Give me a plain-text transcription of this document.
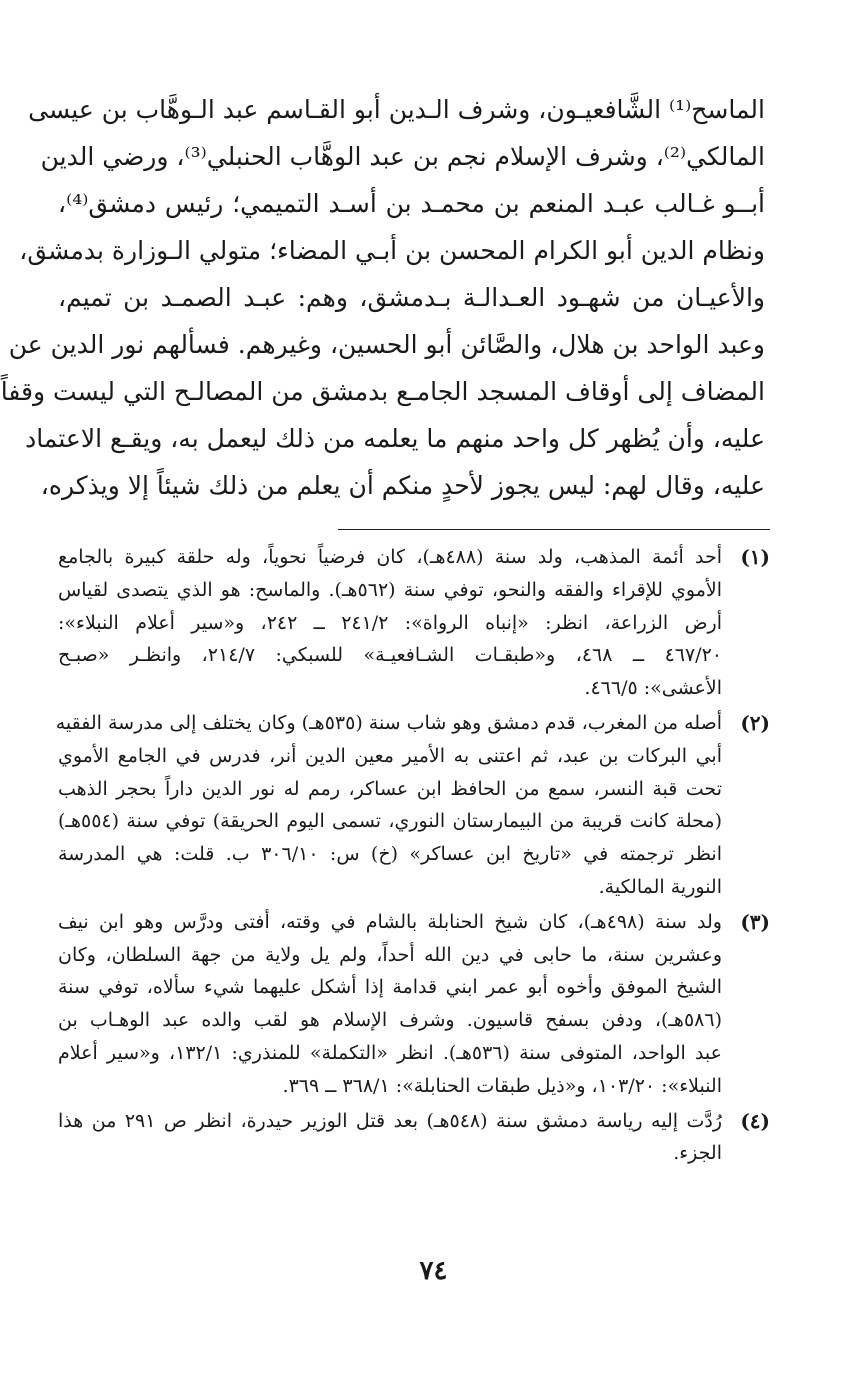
الماسح⁽¹⁾ الشَّافعيـون، وشرف الـدين أبو القـاسم عبد الـوهَّاب بن عيسى
المالكي⁽²⁾، وشرف الإسلام نجم بن عبد الوهَّاب الحنبلي⁽³⁾، ورضي الدين
أبــو غـالب عبـد المنعم بن محمـد بن أسـد التميمي؛ رئيس دمشق⁽⁴⁾،
ونظام الدين أبو الكرام المحسن بن أبـي المضاء؛ متولي الـوزارة بدمشق،
والأعيـان من شهـود العـدالـة بـدمشق، وهم: عبـد الصمـد بن تميم،
وعبد الواحد بن هلال، والصَّائن أبو الحسين، وغيرهم. فسألهم نور الدين عن
المضاف إلى أوقاف المسجد الجامـع بدمشق من المصالـح التي ليست وقفاً
عليه، وأن يُظهر كل واحد منهم ما يعلمه من ذلك ليعمل به، ويقـع الاعتماد
عليه، وقال لهم: ليس يجوز لأحدٍ منكم أن يعلم من ذلك شيئاً إلا ويذكره،
(١)
أحد أئمة المذهب، ولد سنة (٤٨٨هـ)، كان فرضياً نحوياً، وله حلقة كبيرة بالجامع
الأموي للإقراء والفقه والنحو، توفي سنة (٥٦٢هـ). والماسح: هو الذي يتصدى لقياس
أرض الزراعة، انظر: «إنباه الرواة»: ٢٤١/٢ ــ ٢٤٢، و«سير أعلام النبلاء»:
٤٦٧/٢٠ ــ ٤٦٨، و«طبقـات الشـافعيـة» للسبكي: ٢١٤/٧، وانظـر «صبـح
الأعشى»: ٤٦٦/٥.
(٢)
أصله من المغرب، قدم دمشق وهو شاب سنة (٥٣٥هـ) وكان يختلف إلى مدرسة الفقيه
أبي البركات بن عبد، ثم اعتنى به الأمير معين الدين أنر، فدرس في الجامع الأموي
تحت قبة النسر، سمع من الحافظ ابن عساكر، رمم له نور الدين داراً بحجر الذهب
(محلة كانت قريبة من البيمارستان النوري، تسمى اليوم الحريقة) توفي سنة (٥٥٤هـ)
انظر ترجمته في «تاريخ ابن عساكر» (خ) س: ٣٠٦/١٠ ب. قلت: هي المدرسة
النورية المالكية.
(٣)
ولد سنة (٤٩٨هـ)، كان شيخ الحنابلة بالشام في وقته، أفتى ودرَّس وهو ابن نيف
وعشرين سنة، ما حابى في دين الله أحداً، ولم يل ولاية من جهة السلطان، وكان
الشيخ الموفق وأخوه أبو عمر ابني قدامة إذا أشكل عليهما شيء سألاه، توفي سنة
(٥٨٦هـ)، ودفن بسفح قاسيون. وشرف الإسلام هو لقب والده عبد الوهـاب بن
عبد الواحد، المتوفى سنة (٥٣٦هـ). انظر «التكملة» للمنذري: ١٣٢/١، و«سير أعلام
النبلاء»: ١٠٣/٢٠، و«ذيل طبقات الحنابلة»: ٣٦٨/١ ــ ٣٦٩.
(٤)
رُدَّت إليه رياسة دمشق سنة (٥٤٨هـ) بعد قتل الوزير حيدرة، انظر ص ٢٩١ من هذا
الجزء.
٧٤
